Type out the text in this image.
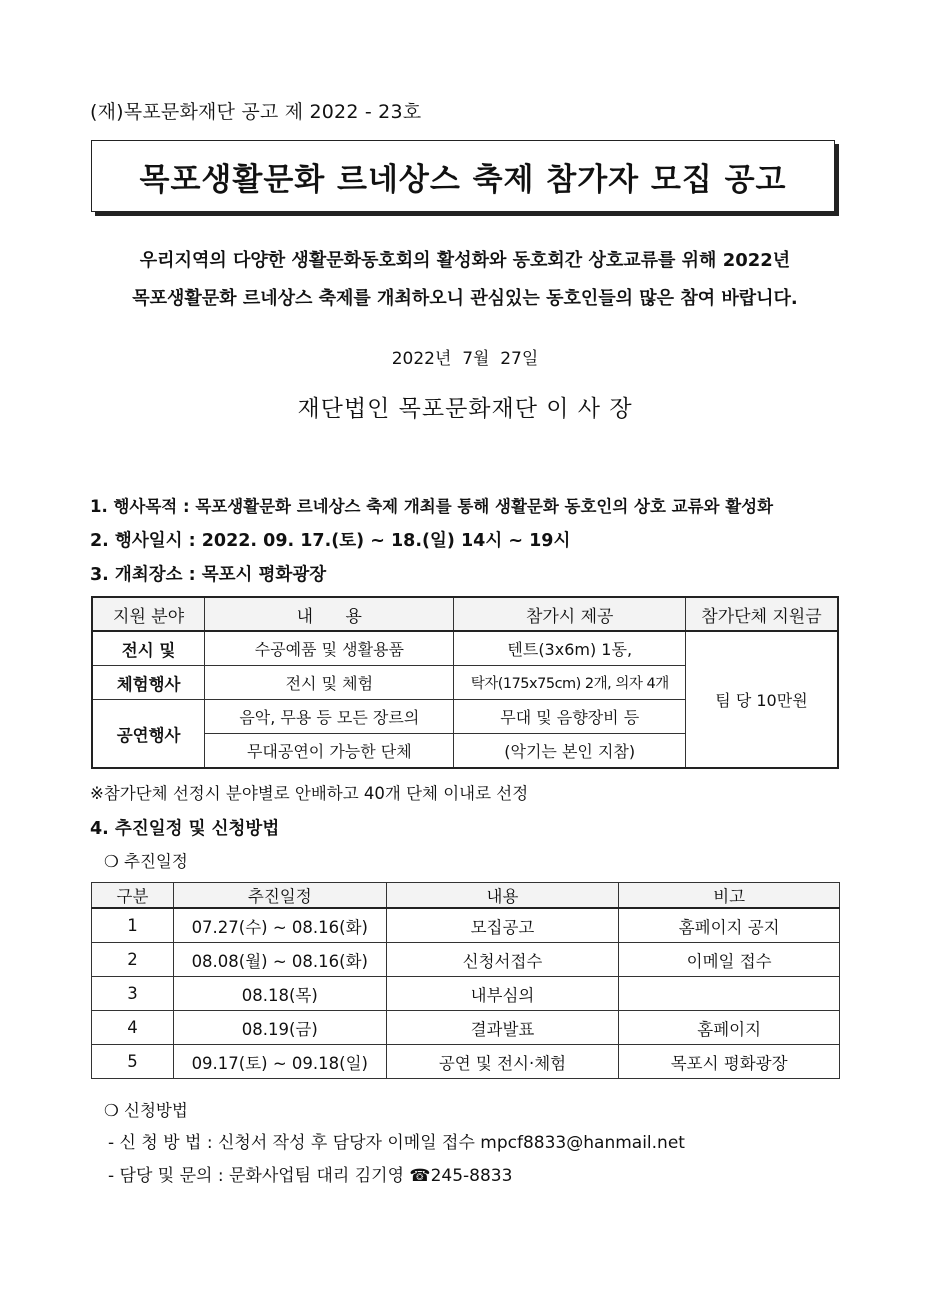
(재)목포문화재단 공고 제 2022 - 23호
목포생활문화 르네상스 축제 참가자 모집 공고
우리지역의 다양한 생활문화동호회의 활성화와 동호회간 상호교류를 위해 2022년
목포생활문화 르네상스 축제를 개최하오니 관심있는 동호인들의 많은 참여 바랍니다.
2022년  7월  27일
재단법인 목포문화재단 이 사 장
1. 행사목적 : 목포생활문화 르네상스 축제 개최를 통해 생활문화 동호인의 상호 교류와 활성화
2. 행사일시 : 2022. 09. 17.(토) ~ 18.(일) 14시 ~ 19시
3. 개최장소 : 목포시 평화광장
지원 분야	내      용	참가시 제공	참가단체 지원금
전시 및	수공예품 및 생활용품	텐트(3x6m) 1동,	팀 당 10만원
체험행사	전시 및 체험	탁자(175x75cm) 2개, 의자 4개	
공연행사	음악, 무용 등 모든 장르의	무대 및 음향장비 등	
	무대공연이 가능한 단체	(악기는 본인 지참)	
※참가단체 선정시 분야별로 안배하고 40개 단체 이내로 선정
4. 추진일정 및 신청방법
❍ 추진일정
구분	추진일정	내용	비고
1	07.27(수) ~ 08.16(화)	모집공고	홈페이지 공지
2	08.08(월) ~ 08.16(화)	신청서접수	이메일 접수
3	08.18(목)	내부심의	
4	08.19(금)	결과발표	홈페이지
5	09.17(토) ~ 09.18(일)	공연 및 전시·체험	목포시 평화광장
❍ 신청방법
- 신 청 방 법 : 신청서 작성 후 담당자 이메일 접수 mpcf8833@hanmail.net
- 담당 및 문의 : 문화사업팀 대리 김기영 ☎245-8833
